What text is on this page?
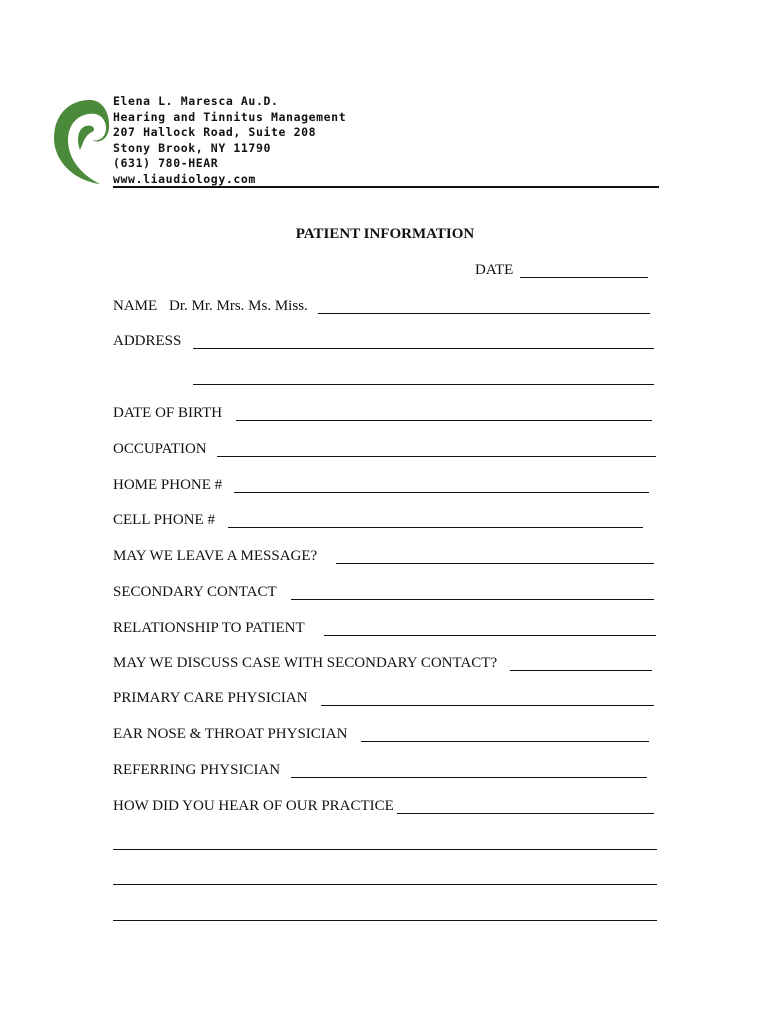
Elena L. Maresca Au.D.
Hearing and Tinnitus Management
207 Hallock Road, Suite 208
Stony Brook, NY 11790
(631) 780-HEAR
www.liaudiology.com
PATIENT INFORMATION
DATE
NAME Dr. Mr. Mrs. Ms. Miss.
ADDRESS
DATE OF BIRTH
OCCUPATION
HOME PHONE #
CELL PHONE #
MAY WE LEAVE A MESSAGE?
SECONDARY CONTACT
RELATIONSHIP TO PATIENT
MAY WE DISCUSS CASE WITH SECONDARY CONTACT?
PRIMARY CARE PHYSICIAN
EAR NOSE & THROAT PHYSICIAN
REFERRING PHYSICIAN
HOW DID YOU HEAR OF OUR PRACTICE
